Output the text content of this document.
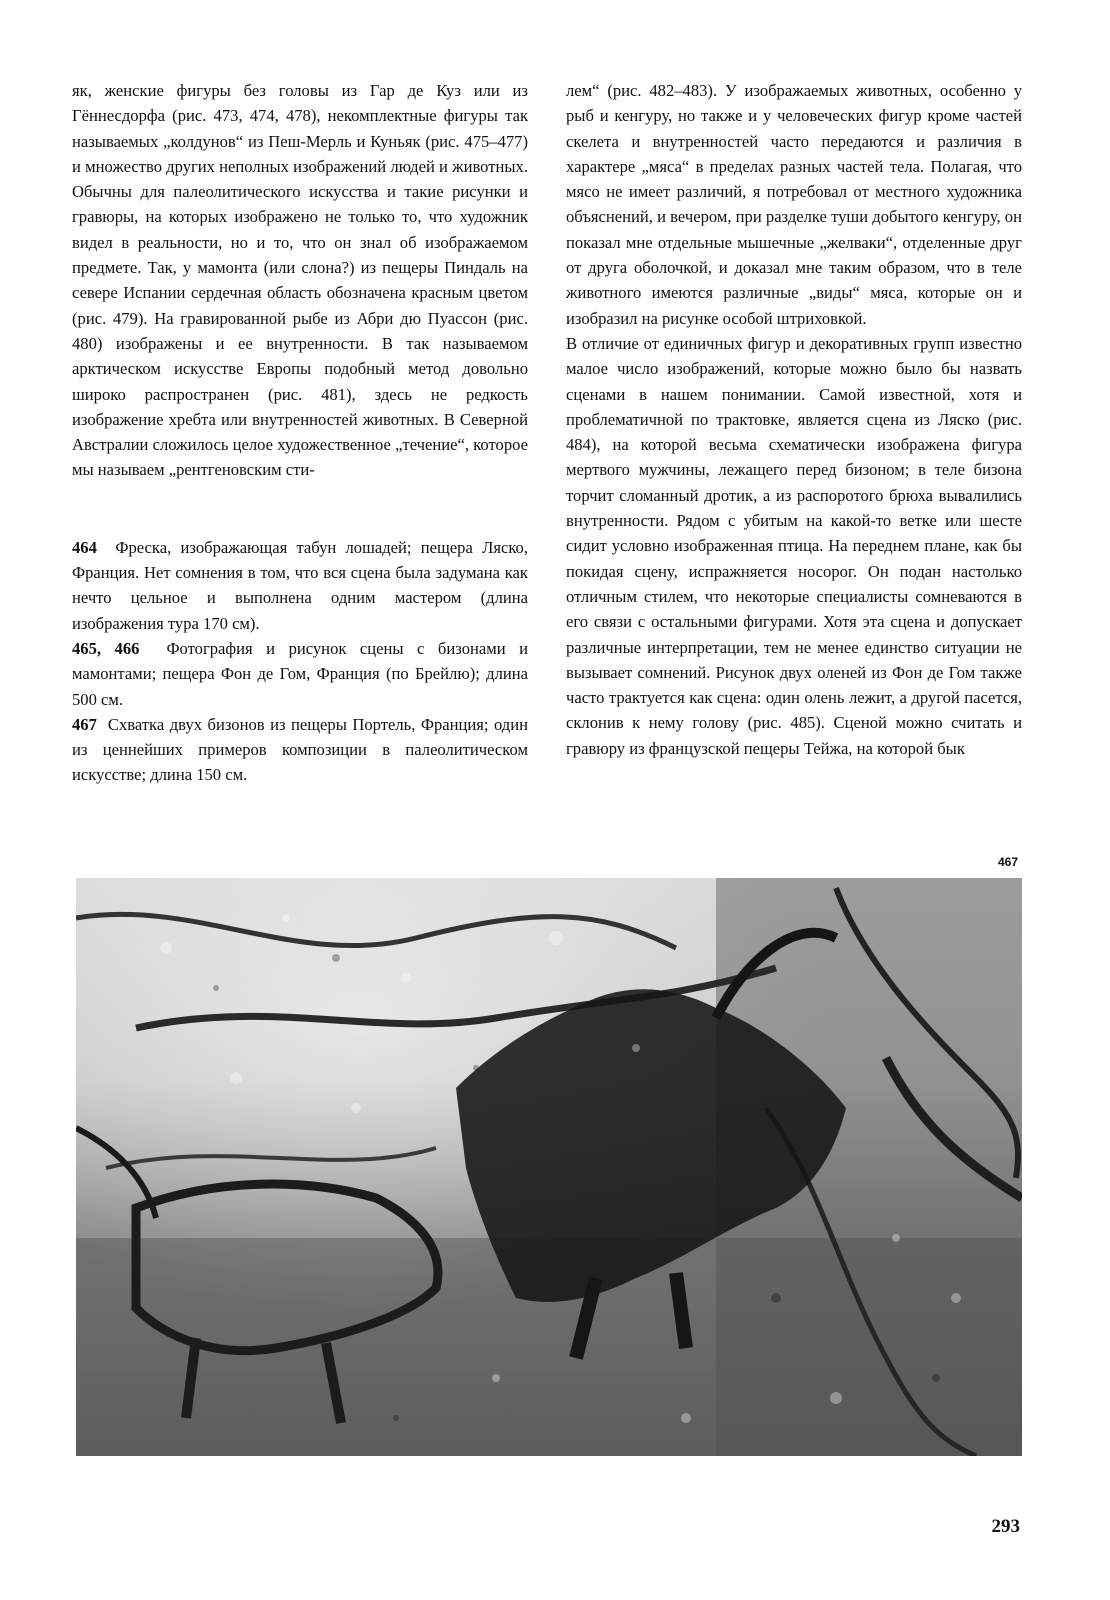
як, женские фигуры без головы из Гар де Куз или из Гённесдорфа (рис. 473, 474, 478), некомплектные фигуры так называемых „колдунов“ из Пеш-Мерль и Куньяк (рис. 475–477) и множество других неполных изображений людей и животных. Обычны для палеолитического искусства и такие рисунки и гравюры, на которых изображено не только то, что художник видел в реальности, но и то, что он знал об изображаемом предмете. Так, у мамонта (или слона?) из пещеры Пиндаль на севере Испании сердечная область обозначена красным цветом (рис. 479). На гравированной рыбе из Абри дю Пуассон (рис. 480) изображены и ее внутренности. В так называемом арктическом искусстве Европы подобный метод довольно широко распространен (рис. 481), здесь не редкость изображение хребта или внутренностей животных. В Северной Австралии сложилось целое художественное „течение“, которое мы называем „рентгеновским сти-

464 Фреска, изображающая табун лошадей; пещера Ляско, Франция. Нет сомнения в том, что вся сцена была задумана как нечто цельное и выполнена одним мастером (длина изображения тура 170 см).

465, 466 Фотография и рисунок сцены с бизонами и мамонтами; пещера Фон де Гом, Франция (по Брейлю); длина 500 см.

467 Схватка двух бизонов из пещеры Портель, Франция; один из ценнейших примеров композиции в палеолитическом искусстве; длина 150 см.

лем“ (рис. 482–483). У изображаемых животных, особенно у рыб и кенгуру, но также и у человеческих фигур кроме частей скелета и внутренностей часто передаются и различия в характере „мяса“ в пределах разных частей тела. Полагая, что мясо не имеет различий, я потребовал от местного художника объяснений, и вечером, при разделке туши добытого кенгуру, он показал мне отдельные мышечные „желваки“, отделенные друг от друга оболочкой, и доказал мне таким образом, что в теле животного имеются различные „виды“ мяса, которые он и изобразил на рисунке особой штриховкой.

В отличие от единичных фигур и декоративных групп известно малое число изображений, которые можно было бы назвать сценами в нашем понимании. Самой известной, хотя и проблематичной по трактовке, является сцена из Ляско (рис. 484), на которой весьма схематически изображена фигура мертвого мужчины, лежащего перед бизоном; в теле бизона торчит сломанный дротик, а из распоротого брюха вывалились внутренности. Рядом с убитым на какой-то ветке или шесте сидит условно изображенная птица. На переднем плане, как бы покидая сцену, испражняется носорог. Он подан настолько отличным стилем, что некоторые специалисты сомневаются в его связи с остальными фигурами. Хотя эта сцена и допускает различные интерпретации, тем не менее единство ситуации не вызывает сомнений. Рисунок двух оленей из Фон де Гом также часто трактуется как сцена: один олень лежит, а другой пасется, склонив к нему голову (рис. 485). Сценой можно считать и гравюру из французской пещеры Тейжа, на которой бык

467
293
